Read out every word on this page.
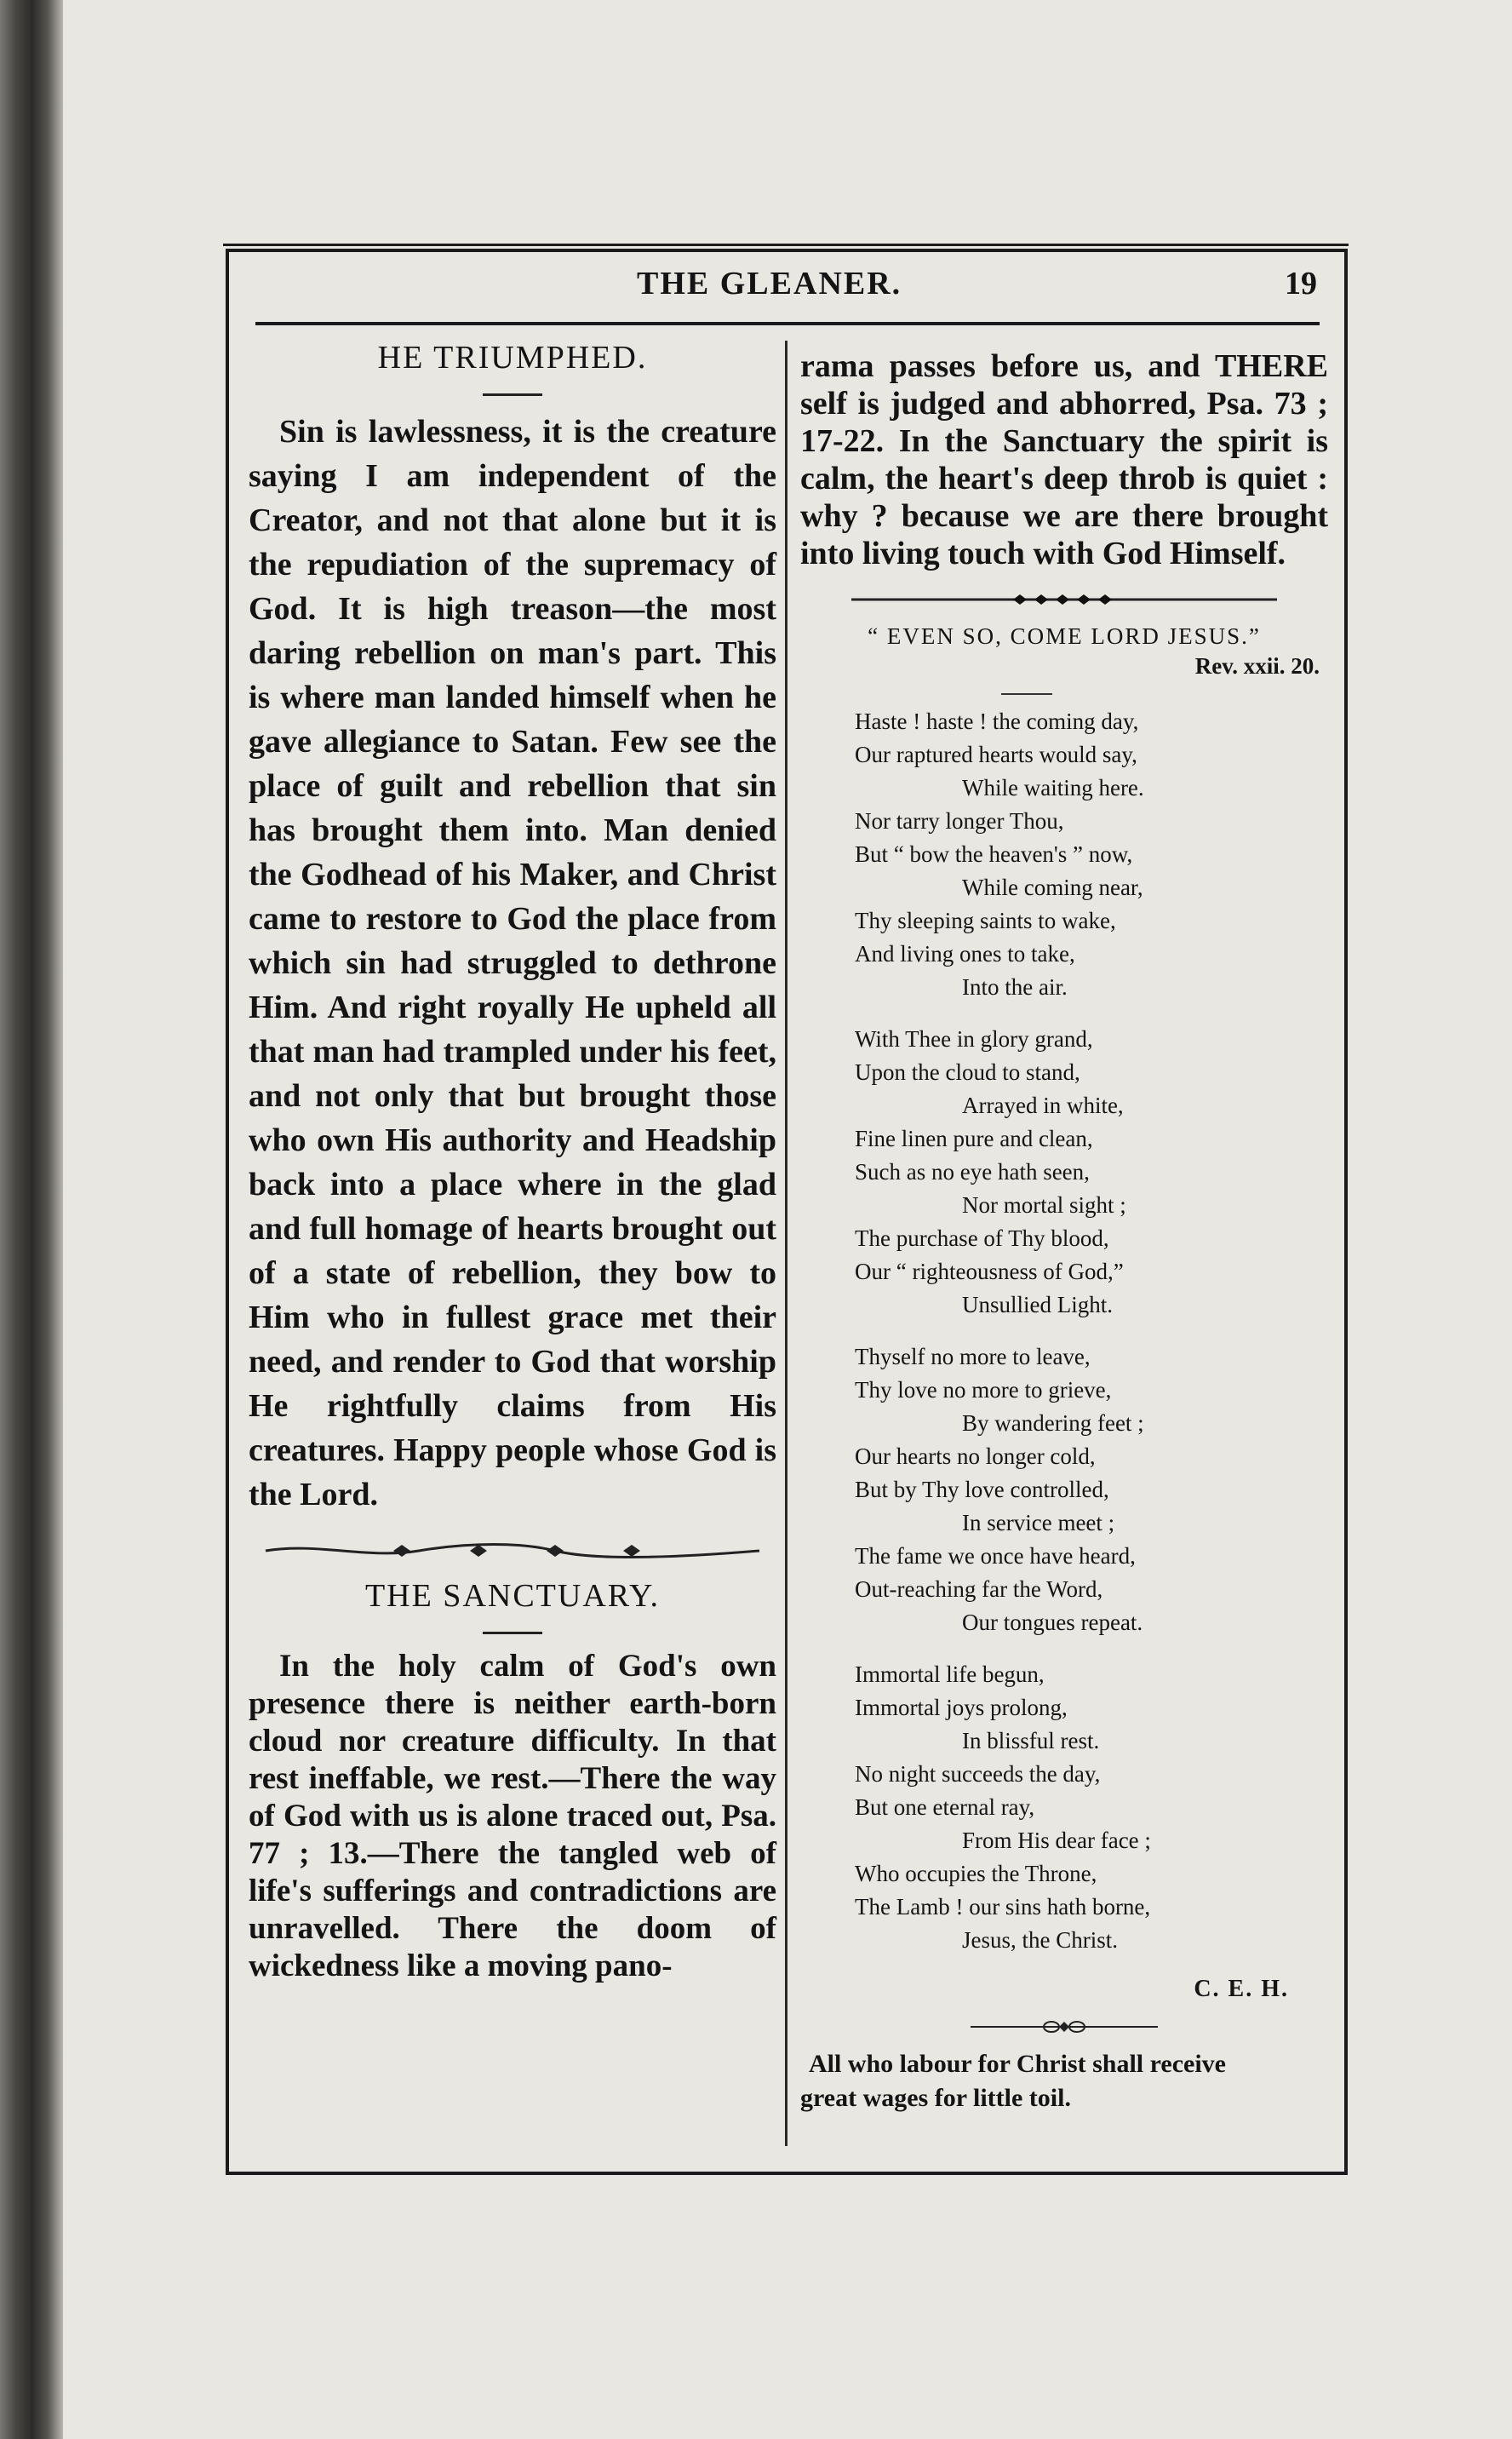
THE GLEANER.	19
HE TRIUMPHED.

Sin is lawlessness, it is the creature saying I am independent of the Creator, and not that alone but it is the repudiation of the supremacy of God. It is high treason—the most daring rebellion on man's part. This is where man landed himself when he gave allegiance to Satan. Few see the place of guilt and rebellion that sin has brought them into. Man denied the Godhead of his Maker, and Christ came to restore to God the place from which sin had struggled to dethrone Him. And right royally He upheld all that man had trampled under his feet, and not only that but brought those who own His authority and Headship back into a place where in the glad and full homage of hearts brought out of a state of rebellion, they bow to Him who in fullest grace met their need, and render to God that worship He rightfully claims from His creatures. Happy people whose God is the Lord.

THE SANCTUARY.

In the holy calm of God's own presence there is neither earth-born cloud nor creature difficulty. In that rest ineffable, we rest.—There the way of God with us is alone traced out, Psa. 77 ; 13.—There the tangled web of life's sufferings and contradictions are unravelled. There the doom of wickedness like a moving pano-

rama passes before us, and THERE self is judged and abhorred, Psa. 73 ; 17-22. In the Sanctuary the spirit is calm, the heart's deep throb is quiet : why ? because we are there brought into living touch with God Himself.

“ EVEN SO, COME LORD JESUS.”

Rev. xxii. 20.

Haste ! haste ! the coming day,
Our raptured hearts would say,
While waiting here.
Nor tarry longer Thou,
But “ bow the heaven's ” now,
While coming near,
Thy sleeping saints to wake,
And living ones to take,
Into the air.
With Thee in glory grand,
Upon the cloud to stand,
Arrayed in white,
Fine linen pure and clean,
Such as no eye hath seen,
Nor mortal sight ;
The purchase of Thy blood,
Our “ righteousness of God,”
Unsullied Light.
Thyself no more to leave,
Thy love no more to grieve,
By wandering feet ;
Our hearts no longer cold,
But by Thy love controlled,
In service meet ;
The fame we once have heard,
Out-reaching far the Word,
Our tongues repeat.
Immortal life begun,
Immortal joys prolong,
In blissful rest.
No night succeeds the day,
But one eternal ray,
From His dear face ;
Who occupies the Throne,
The Lamb ! our sins hath borne,
Jesus, the Christ.

C. E. H.

All who labour for Christ shall receive
great wages for little toil.
